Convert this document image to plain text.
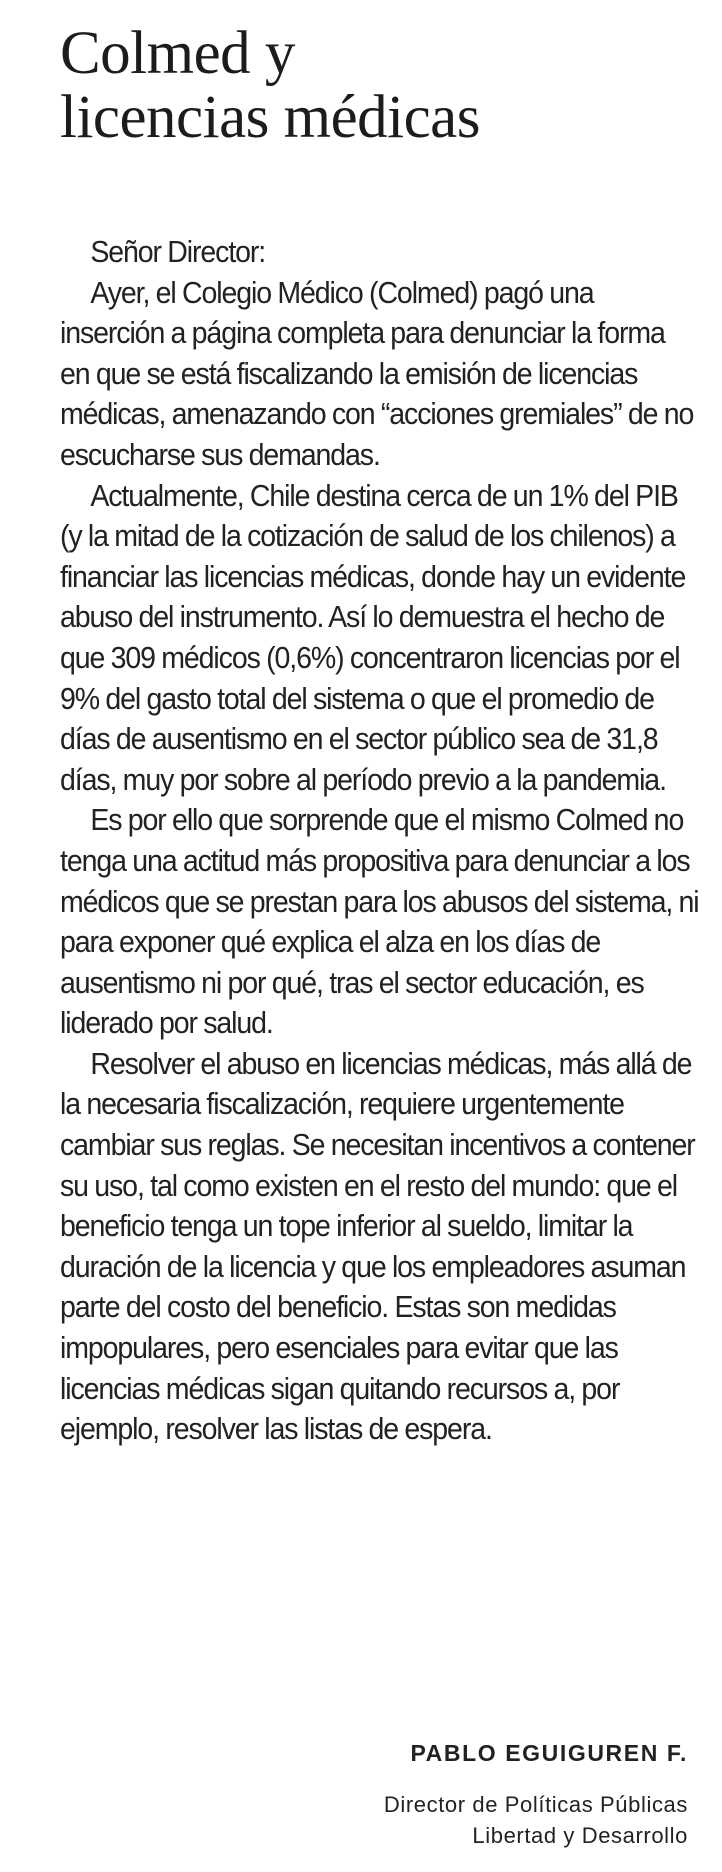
Colmed y
licencias médicas

Señor Director:

Ayer, el Colegio Médico (Colmed) pagó una inserción a página completa para denunciar la forma en que se está fiscalizando la emisión de licencias médicas, amenazando con “acciones gremiales” de no escucharse sus demandas.

Actualmente, Chile destina cerca de un 1% del PIB (y la mitad de la cotización de salud de los chilenos) a financiar las licencias médicas, donde hay un evidente abuso del instrumento. Así lo demuestra el hecho de que 309 médicos (0,6%) concentraron licencias por el 9% del gasto total del sistema o que el promedio de días de ausentismo en el sector público sea de 31,8 días, muy por sobre al período previo a la pandemia.

Es por ello que sorprende que el mismo Colmed no tenga una actitud más propositiva para denunciar a los médicos que se prestan para los abusos del sistema, ni para exponer qué explica el alza en los días de ausentismo ni por qué, tras el sector educación, es liderado por salud.

Resolver el abuso en licencias médicas, más allá de la necesaria fiscalización, requiere urgentemente cambiar sus reglas. Se necesitan incentivos a contener su uso, tal como existen en el resto del mundo: que el beneficio tenga un tope inferior al sueldo, limitar la duración de la licencia y que los empleadores asuman parte del costo del beneficio. Estas son medidas impopulares, pero esenciales para evitar que las licencias médicas sigan quitando recursos a, por ejemplo, resolver las listas de espera.

PABLO EGUIGUREN F.

Director de Políticas Públicas
Libertad y Desarrollo
